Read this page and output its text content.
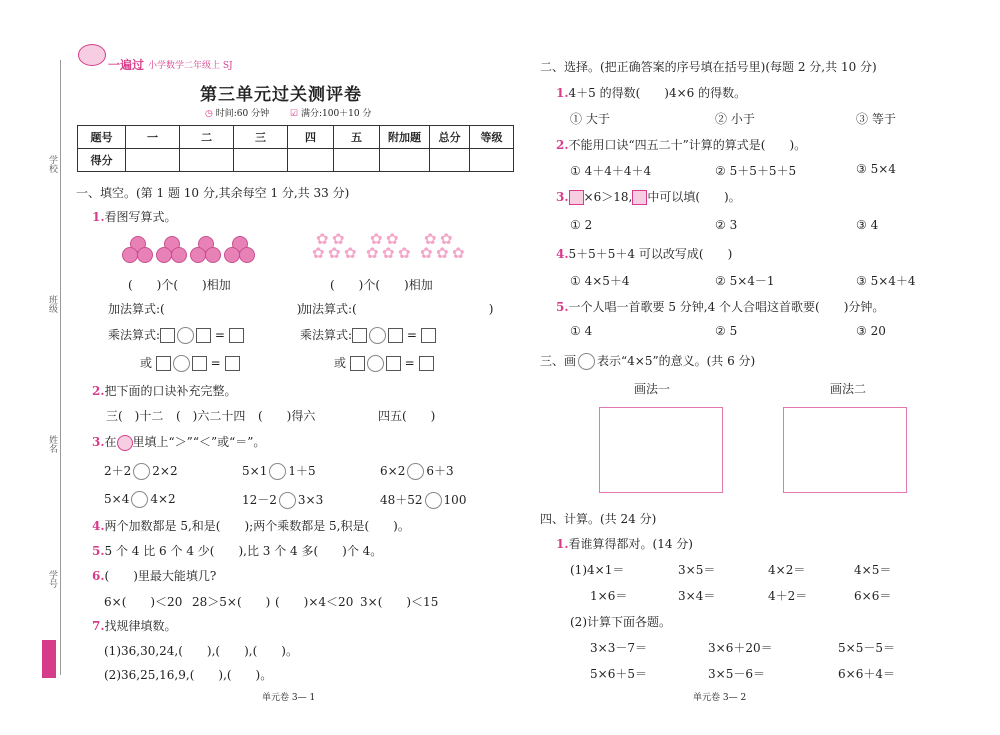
学校
班级
姓名
学号
一遍过 小学数学二年级上 SJ
第三单元过关测评卷
◷ 时间:60 分钟 ☑ 满分:100＋10 分
题号	一	二	三	四	五	附加题	总分	等级
得分								
一、填空。(第 1 题 10 分,其余每空 1 分,共 33 分)
1.看图写算式。
✿ ✿
✿ ✿ ✿
✿ ✿
✿ ✿ ✿
✿ ✿
✿ ✿ ✿
(　　)个(　　)相加	(　　)个(　　)相加
加法算式:(　　　　　　　　　　　)
加法算式:(　　　　　　　　　　　)
乘法算式:	=	乘法算式:	=
或	=	或	=
2.把下面的口诀补充完整。
三(　)十二 (　)六二十四 (　　)得六	四五(　　)
3.在 里填上“＞”“＜”或“＝”。
2＋2 2×2	5×1 1＋5	6×2 6＋3
5×4 4×2	12－2 3×3	48＋52 100
4.两个加数都是 5,和是(　　);两个乘数都是 5,积是(　　)。
5.5 个 4 比 6 个 4 少(　　),比 3 个 4 多(　　)个 4。
6.(　　)里最大能填几?
6×(　　)＜20 28＞5×(　　) (　　)×4＜20 3×(　　)＜15
7.找规律填数。
(1)36,30,24,(　　),(　　),(　　)。
(2)36,25,16,9,(　　),(　　)。
单元卷 3— 1
二、选择。(把正确答案的序号填在括号里)(每题 2 分,共 10 分)
1.4＋5 的得数(　　)4×6 的得数。
① 大于	② 小于	③ 等于
2.不能用口诀“四五二十”计算的算式是(　　)。
① 4＋4＋4＋4	② 5＋5＋5＋5	③ 5×4
3. ×6＞18, 中可以填(　　)。
① 2	② 3	③ 4
4.5＋5＋5＋4 可以改写成(　　)
① 4×5＋4	② 5×4－1	③ 5×4＋4
5.一个人唱一首歌要 5 分钟,4 个人合唱这首歌要(　　)分钟。
① 4	② 5	③ 20
三、画 表示“4×5”的意义。(共 6 分)
画法一	画法二
四、计算。(共 24 分)
1.看谁算得都对。(14 分)
(1)4×1＝	3×5＝	4×2＝	4×5＝
1×6＝	3×4＝	4＋2＝	6×6＝
(2)计算下面各题。
3×3－7＝	3×6＋20＝	5×5－5＝
5×6＋5＝	3×5－6＝	6×6＋4＝
单元卷 3— 2
